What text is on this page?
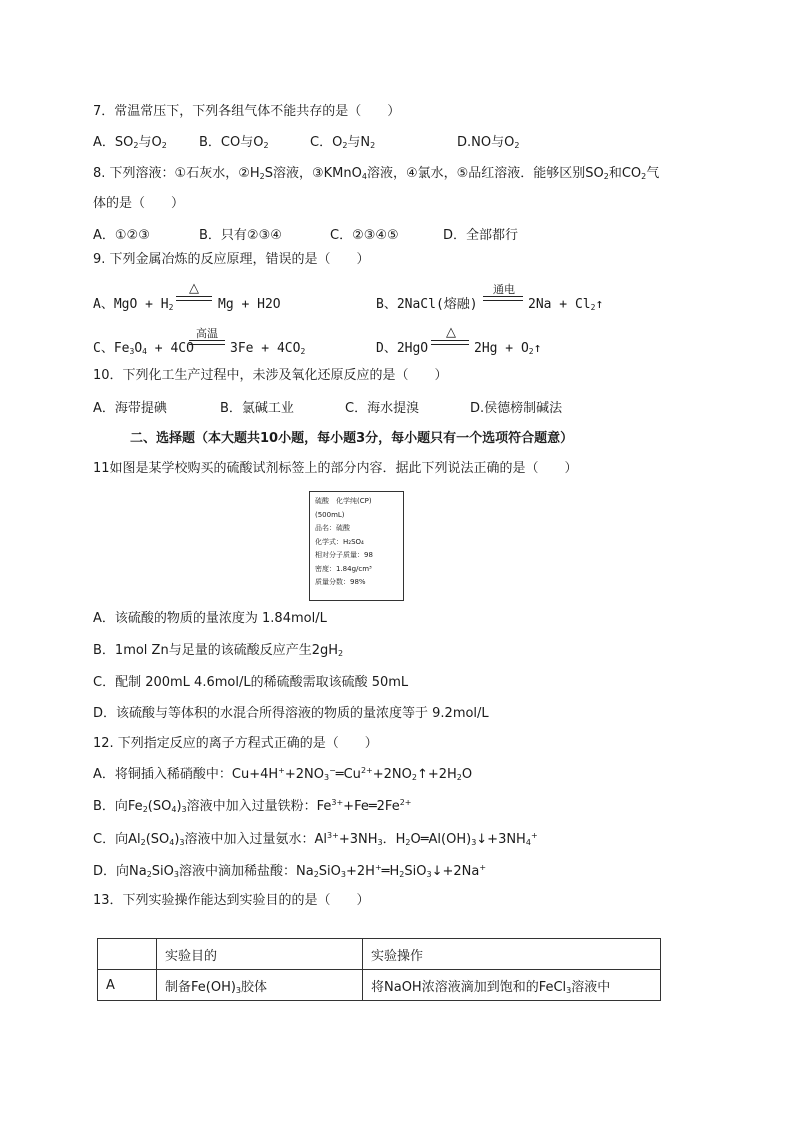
7．常温常压下，下列各组气体不能共存的是（　　）
A．$SO_2$与$O_2$ B．CO与$O_2$	C．$O_2$与$N_2$	D.NO与$O_2$
8. 下列溶液：①石灰水，$②H_2S$溶液，③KMnO$_4$溶液，④氯水，⑤品红溶液．能够区别$SO_2$和$CO_2$气
体的是（　　）
A．①②③	B．只有②③④	C．②③④⑤	D．全部都行
9. 下列金属冶炼的反应原理，错误的是（　　）
A、MgO + $H_2$
△
Mg + H2O	B、2NaCl(熔融)
通电
$2Na + Cl_2↑$
C、$Fe_3O_4 + 4CO$
高温
$3Fe + 4CO_2$	D、2HgO
△
$2Hg + O_2↑$
10．下列化工生产过程中，未涉及氧化还原反应的是（　　）
A．海带提碘	B．氯碱工业	C．海水提溴	D.侯德榜制碱法
二、选择题（本大题共10小题，每小题3分，每小题只有一个选项符合题意）
11如图是某学校购买的硫酸试剂标签上的部分内容．据此下列说法正确的是（　　）
硫酸　化学纯(CP)
(500mL)
品名：硫酸
化学式：H₂SO₄
相对分子质量：98
密度：1.84g/cm³
质量分数：98%
A．该硫酸的物质的量浓度为 1.84mol/L
B．1mol Zn与足量的该硫酸反应产生$2gH_2$
C．配制 200mL 4.6mol/L的稀硫酸需取该硫酸 50mL
D．该硫酸与等体积的水混合所得溶液的物质的量浓度等于 9.2mol/L
12. 下列指定反应的离子方程式正确的是（　　）
A．将铜插入稀硝酸中：$Cu+4H^++2NO_3^-═Cu^{2+}+2NO_2↑+2H_2O$
B．向$Fe_2(SO_4)_3$溶液中加入过量铁粉：$Fe^{3+}+Fe═2Fe^{2+}$
C．向$Al_2(SO_4)_3$溶液中加入过量氨水：$Al^{3+}+3NH_3$．$H_2O═Al(OH)_3↓+3NH_4^+$
D．向$Na_2SiO_3$溶液中滴加稀盐酸：$Na_2SiO_3+2H^+═H_2SiO_3↓+2Na^+$
13．下列实验操作能达到实验目的的是（　　）
	实验目的	实验操作
A	制备$Fe(OH)_3$胶体	将NaOH浓溶液滴加到饱和的FeCl$_3$溶液中
